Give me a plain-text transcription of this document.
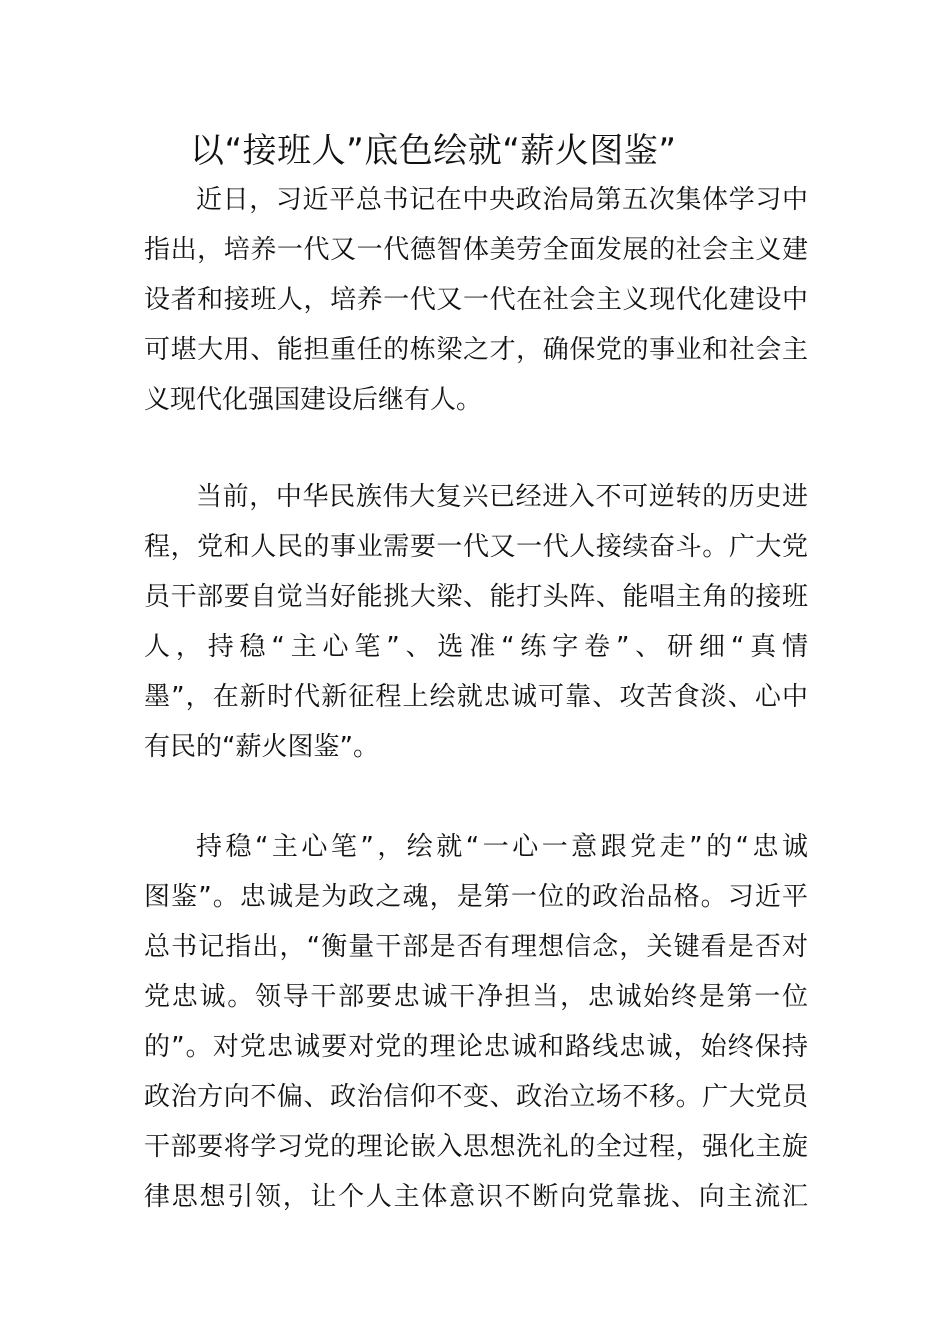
以“接班人”底色绘就“薪火图鉴”
近日，习近平总书记在中央政治局第五次集体学习中
指出，培养一代又一代德智体美劳全面发展的社会主义建
设者和接班人，培养一代又一代在社会主义现代化建设中
可堪大用、能担重任的栋梁之才，确保党的事业和社会主
义现代化强国建设后继有人。
当前，中华民族伟大复兴已经进入不可逆转的历史进
程，党和人民的事业需要一代又一代人接续奋斗。广大党
员干部要自觉当好能挑大梁、能打头阵、能唱主角的接班
人，持稳“主心笔”、选准“练字卷”、研细“真情
墨”，在新时代新征程上绘就忠诚可靠、攻苦食淡、心中
有民的“薪火图鉴”。
持稳“主心笔”，绘就“一心一意跟党走”的“忠诚
图鉴”。忠诚是为政之魂，是第一位的政治品格。习近平
总书记指出，“衡量干部是否有理想信念，关键看是否对
党忠诚。领导干部要忠诚干净担当，忠诚始终是第一位
的”。对党忠诚要对党的理论忠诚和路线忠诚，始终保持
政治方向不偏、政治信仰不变、政治立场不移。广大党员
干部要将学习党的理论嵌入思想洗礼的全过程，强化主旋
律思想引领，让个人主体意识不断向党靠拢、向主流汇
